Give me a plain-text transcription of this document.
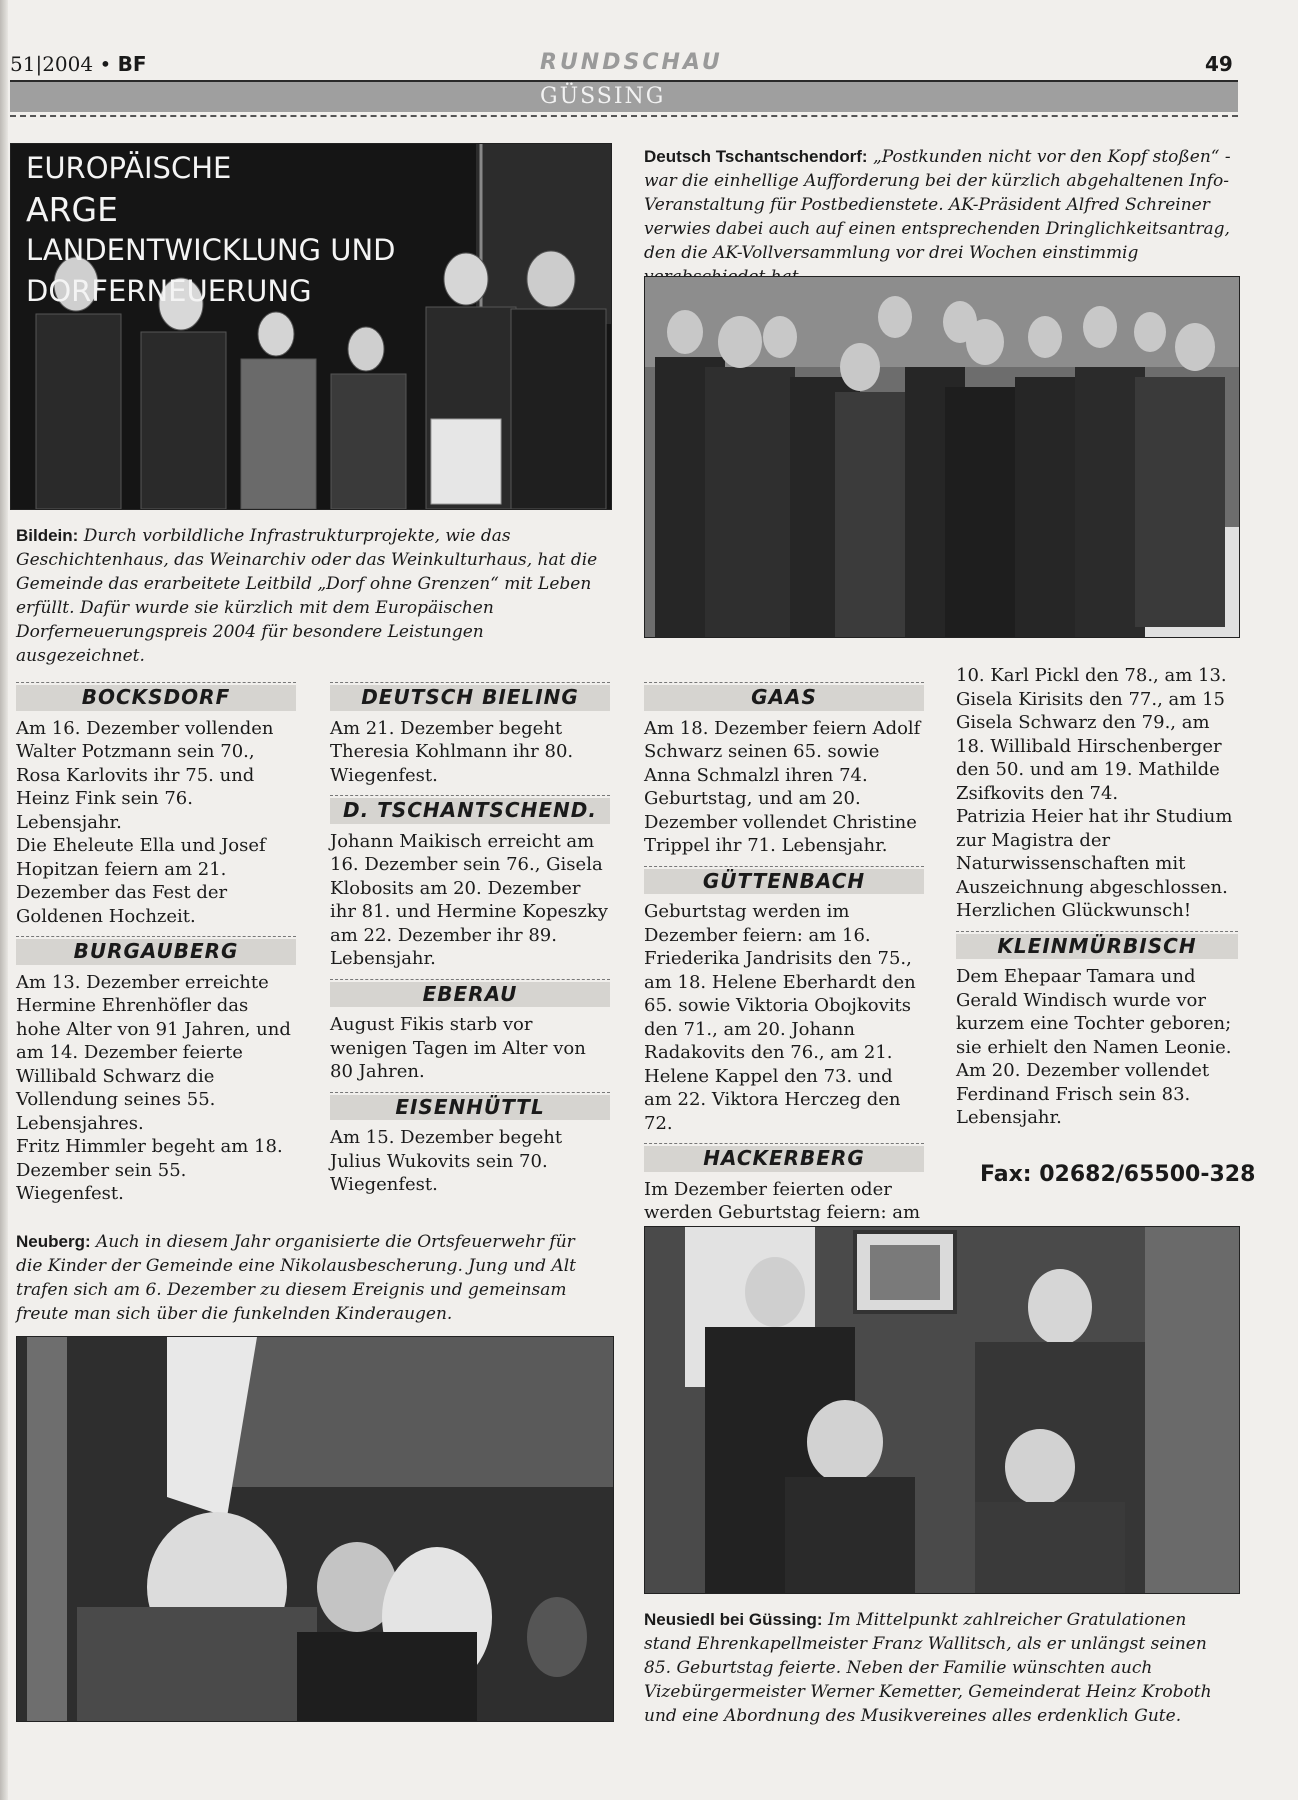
51|2004 • BF	RUNDSCHAU	49
GÜSSING
EUROPÄISCHE
ARGE
LANDENTWICKLUNG UND
DORFERNEUERUNG
Deutsch Tschantschendorf: „Postkunden nicht vor den Kopf stoßen“ - war die einhellige Aufforderung bei der kürzlich abgehaltenen Info-Veranstaltung für Postbedienstete. AK-Präsident Alfred Schreiner verwies dabei auch auf einen entsprechenden Dringlichkeitsantrag, den die AK-Vollversammlung vor drei Wochen einstimmig
Bildein: Durch vorbildliche Infrastrukturprojekte, wie das Geschichtenhaus, das Weinarchiv oder das Weinkulturhaus, hat die Gemeinde das erarbeitete Leitbild „Dorf ohne Grenzen“ mit Leben erfüllt. Dafür wurde sie kürzlich mit dem Europäischen Dorferneuerungspreis 2004 für besondere Leistungen ausgezeichnet.
BOCKSDORF

Am 16. Dezember vollenden Walter Potzmann sein 70., Rosa Karlovits ihr 75. und Heinz Fink sein 76. Lebensjahr.

Die Eheleute Ella und Josef Hopitzan feiern am 21. Dezember das Fest der Goldenen Hochzeit.

BURGAUBERG

Am 13. Dezember erreichte Hermine Ehrenhöfler das hohe Alter von 91 Jahren, und am 14. Dezember feierte Willibald Schwarz die Vollendung seines 55. Lebensjahres.

Fritz Himmler begeht am 18. Dezember sein 55. Wiegenfest.

DEUTSCH BIELING

Am 21. Dezember begeht Theresia Kohlmann ihr 80. Wiegenfest.

D. TSCHANTSCHEND.

Johann Maikisch erreicht am 16. Dezember sein 76., Gisela Klobosits am 20. Dezember ihr 81. und Hermine Kopeszky am 22. Dezember ihr 89. Lebensjahr.

EBERAU

August Fikis starb vor wenigen Tagen im Alter von 80 Jahren.

EISENHÜTTL

Am 15. Dezember begeht Julius Wukovits sein 70. Wiegenfest.

GAAS

Am 18. Dezember feiern Adolf Schwarz seinen 65. sowie Anna Schmalzl ihren 74. Geburtstag, und am 20. Dezember vollendet Christine Trippel ihr 71. Lebensjahr.

GÜTTENBACH

Geburtstag werden im Dezember feiern: am 16. Friederika Jandrisits den 75., am 18. Helene Eberhardt den 65. sowie Viktoria Obojkovits den 71., am 20. Johann Radakovits den 76., am 21. Helene Kappel den 73. und am 22. Viktora Herczeg den 72.

HACKERBERG

Im Dezember feierten oder werden Geburtstag feiern: am

10. Karl Pickl den 78., am 13. Gisela Kirisits den 77., am 15 Gisela Schwarz den 79., am 18. Willibald Hirschenberger den 50. und am 19. Mathilde Zsifkovits den 74.

Patrizia Heier hat ihr Studium zur Magistra der Naturwissenschaften mit Auszeichnung abgeschlossen. Herzlichen Glückwunsch!

KLEINMÜRBISCH

Dem Ehepaar Tamara und Gerald Windisch wurde vor kurzem eine Tochter geboren; sie erhielt den Namen Leonie.

Am 20. Dezember vollendet Ferdinand Frisch sein 83. Lebensjahr.

Fax: 02682/65500-328
Neuberg: Auch in diesem Jahr organisierte die Ortsfeuerwehr für die Kinder der Gemeinde eine Nikolausbescherung. Jung und Alt trafen sich am 6. Dezember zu diesem Ereignis und gemeinsam freute man sich über die funkelnden Kinderaugen.
Neusiedl bei Güssing: Im Mittelpunkt zahlreicher Gratulationen stand Ehrenkapellmeister Franz Wallitsch, als er unlängst seinen 85. Geburtstag feierte. Neben der Familie wünschten auch Vizebürgermeister Werner Kemetter, Gemeinderat Heinz Kroboth und eine Abordnung des Musikvereines alles erdenklich Gute.
